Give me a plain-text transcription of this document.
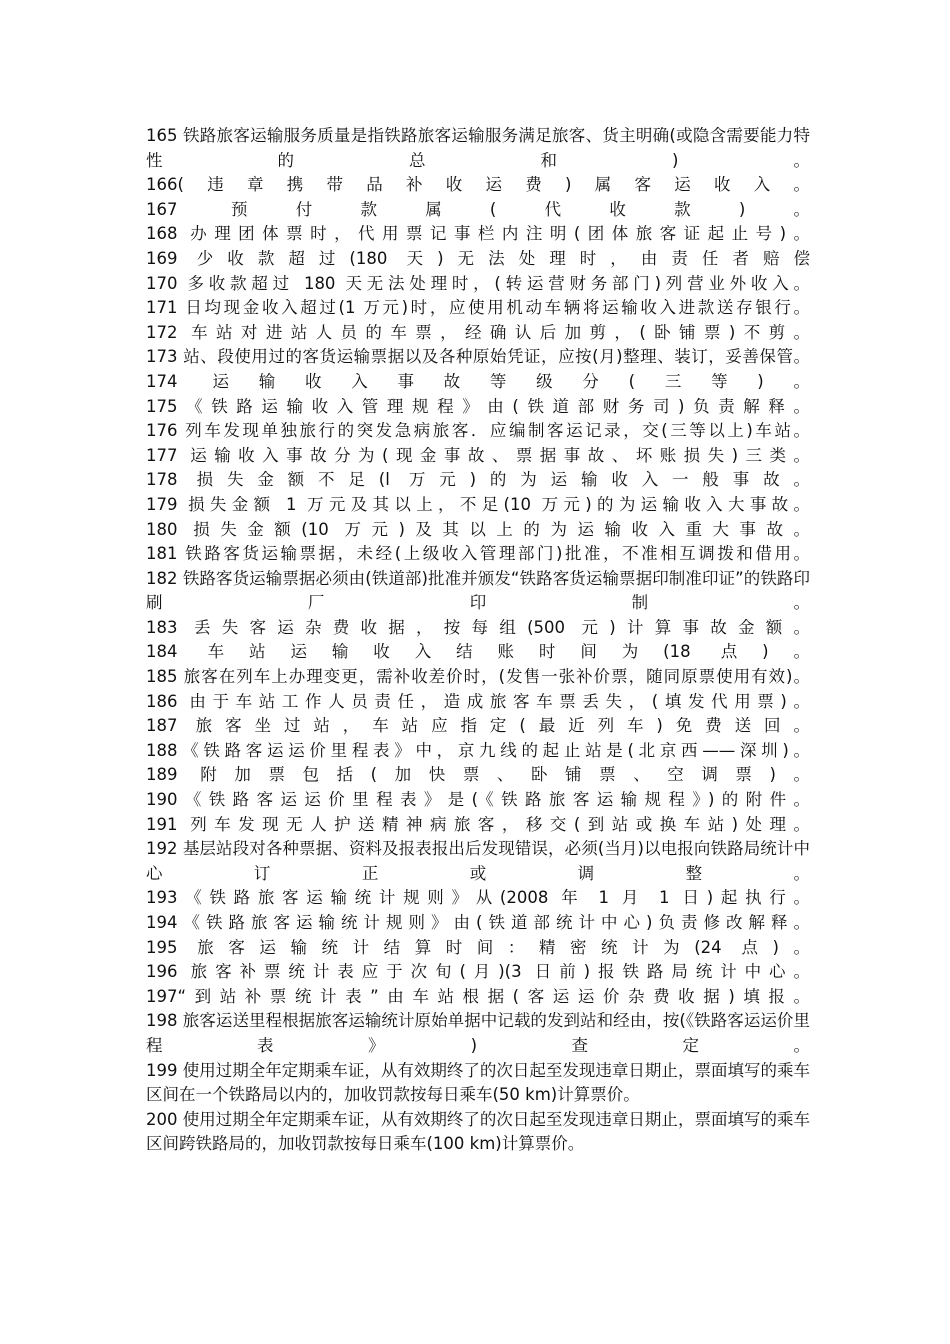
165 铁路旅客运输服务质量是指铁路旅客运输服务满足旅客、货主明确(或隐含需要能力特性的总和)。

166(违章携带品补收运费)属客运收入。

167 预付款属(代收款)。

168 办理团体票时，代用票记事栏内注明(团体旅客证起止号)。

169 少收款超过(180 天)无法处理时，由责任者赔偿

170 多收款超过 180 天无法处理时，(转运营财务部门)列营业外收入。

171 日均现金收入超过(1 万元)时，应使用机动车辆将运输收入进款送存银行。

172 车站对进站人员的车票，经确认后加剪，(卧铺票)不剪。

173 站、段使用过的客货运输票据以及各种原始凭证，应按(月)整理、装订，妥善保管。

174 运输收入事故等级分(三等)。

175《铁路运输收入管理规程》由(铁道部财务司)负责解释。

176 列车发现单独旅行的突发急病旅客．应编制客运记录，交(三等以上)车站。

177 运输收入事故分为(现金事故、票据事故、坏账损失)三类。

178 损失金额不足(l 万元)的为运输收入一般事故。

179 损失金额 1 万元及其以上，不足(10 万元)的为运输收入大事故。

180 损失金额(10 万元)及其以上的为运输收入重大事故。

181 铁路客货运输票据，未经(上级收入管理部门)批准，不准相互调拨和借用。

182 铁路客货运输票据必须由(铁道部)批准并颁发“铁路客货运输票据印制准印证”的铁路印刷厂印制。

183 丢失客运杂费收据，按每组(500 元)计算事故金额。

184 车站运输收入结账时间为(18 点)。

185 旅客在列车上办理变更，需补收差价时，(发售一张补价票，随同原票使用有效)。

186 由于车站工作人员责任，造成旅客车票丢失，(填发代用票)。

187 旅客坐过站，车站应指定(最近列车)免费送回。

188《铁路客运运价里程表》中，京九线的起止站是(北京西——深圳)。

189 附加票包括(加快票、卧铺票、空调票)。

190《铁路客运运价里程表》是(《铁路旅客运输规程》)的附件。

191 列车发现无人护送精神病旅客，移交(到站或换车站)处理。

192 基层站段对各种票据、资料及报表报出后发现错误，必须(当月)以电报向铁路局统计中心订正或调整。

193《铁路旅客运输统计规则》从(2008 年 1 月 1 日)起执行。

194《铁路旅客运输统计规则》由(铁道部统计中心)负责修改解释。

195 旅客运输统计结算时间：精密统计为(24 点)。

196 旅客补票统计表应于次旬(月)(3 日前)报铁路局统计中心。

197“到站补票统计表”由车站根据(客运运价杂费收据)填报。

198 旅客运送里程根据旅客运输统计原始单据中记载的发到站和经由，按(《铁路客运运价里程表》)查定。

199 使用过期全年定期乘车证，从有效期终了的次日起至发现违章日期止，票面填写的乘车区间在一个铁路局以内的，加收罚款按每日乘车(50 km)计算票价。

200 使用过期全年定期乘车证，从有效期终了的次日起至发现违章日期止，票面填写的乘车区间跨铁路局的，加收罚款按每日乘车(100 km)计算票价。
